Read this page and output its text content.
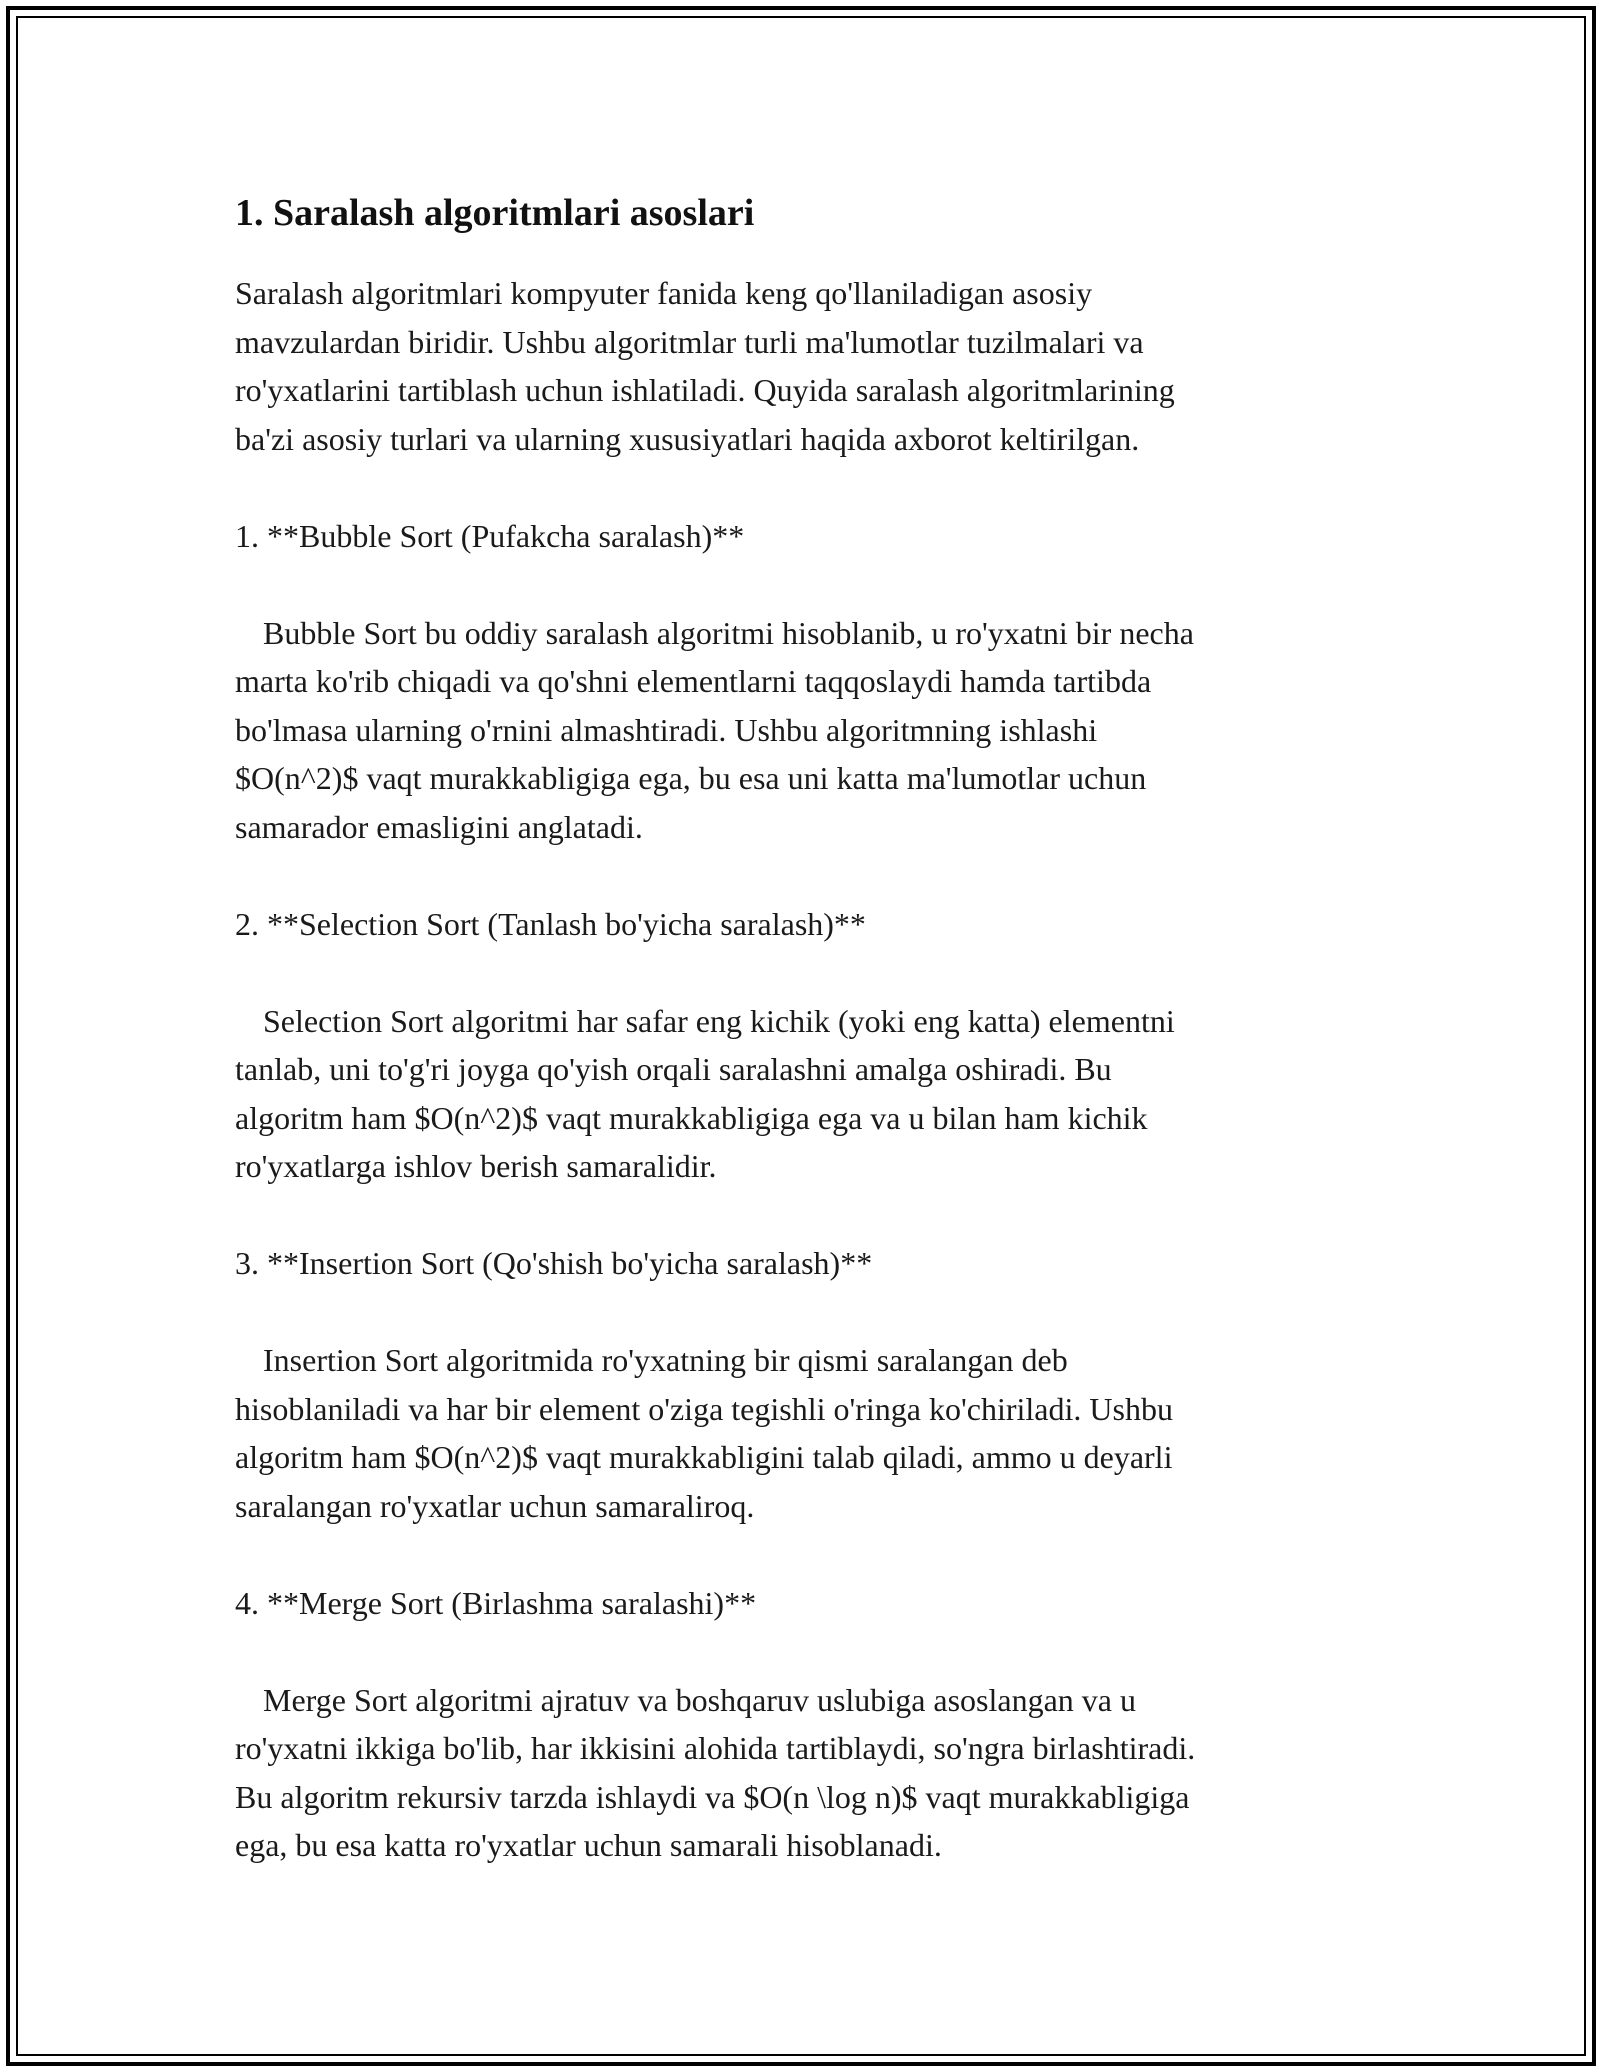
1. Saralash algoritmlari asoslari

Saralash algoritmlari kompyuter fanida keng qo'llaniladigan asosiy
mavzulardan biridir. Ushbu algoritmlar turli ma'lumotlar tuzilmalari va
ro'yxatlarini tartiblash uchun ishlatiladi. Quyida saralash algoritmlarining
ba'zi asosiy turlari va ularning xususiyatlari haqida axborot keltirilgan.

1. **Bubble Sort (Pufakcha saralash)**

Bubble Sort bu oddiy saralash algoritmi hisoblanib, u ro'yxatni bir necha
marta ko'rib chiqadi va qo'shni elementlarni taqqoslaydi hamda tartibda
bo'lmasa ularning o'rnini almashtiradi. Ushbu algoritmning ishlashi
$O(n^2)$ vaqt murakkabligiga ega, bu esa uni katta ma'lumotlar uchun
samarador emasligini anglatadi.

2. **Selection Sort (Tanlash bo'yicha saralash)**

Selection Sort algoritmi har safar eng kichik (yoki eng katta) elementni
tanlab, uni to'g'ri joyga qo'yish orqali saralashni amalga oshiradi. Bu
algoritm ham $O(n^2)$ vaqt murakkabligiga ega va u bilan ham kichik
ro'yxatlarga ishlov berish samaralidir.

3. **Insertion Sort (Qo'shish bo'yicha saralash)**

Insertion Sort algoritmida ro'yxatning bir qismi saralangan deb
hisoblaniladi va har bir element o'ziga tegishli o'ringa ko'chiriladi. Ushbu
algoritm ham $O(n^2)$ vaqt murakkabligini talab qiladi, ammo u deyarli
saralangan ro'yxatlar uchun samaraliroq.

4. **Merge Sort (Birlashma saralashi)**

Merge Sort algoritmi ajratuv va boshqaruv uslubiga asoslangan va u
ro'yxatni ikkiga bo'lib, har ikkisini alohida tartiblaydi, so'ngra birlashtiradi.
Bu algoritm rekursiv tarzda ishlaydi va $O(n \log n)$ vaqt murakkabligiga
ega, bu esa katta ro'yxatlar uchun samarali hisoblanadi.
